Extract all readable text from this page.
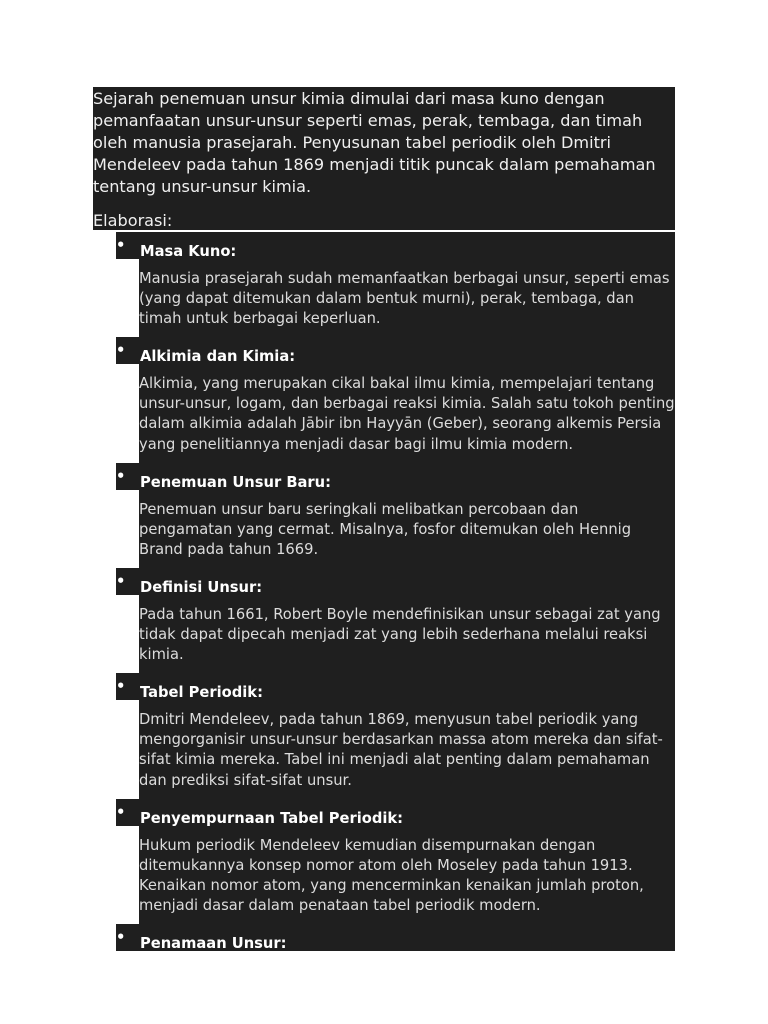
Sejarah penemuan unsur kimia dimulai dari masa kuno dengan pemanfaatan unsur-unsur seperti emas, perak, tembaga, dan timah oleh manusia prasejarah. Penyusunan tabel periodik oleh Dmitri Mendeleev pada tahun 1869 menjadi titik puncak dalam pemahaman tentang unsur-unsur kimia.

Elaborasi:

• Masa Kuno:
Manusia prasejarah sudah memanfaatkan berbagai unsur, seperti emas (yang dapat ditemukan dalam bentuk murni), perak, tembaga, dan timah untuk berbagai keperluan.
• Alkimia dan Kimia:
Alkimia, yang merupakan cikal bakal ilmu kimia, mempelajari tentang unsur-unsur, logam, dan berbagai reaksi kimia. Salah satu tokoh penting dalam alkimia adalah Jābir ibn Hayyān (Geber), seorang alkemis Persia yang penelitiannya menjadi dasar bagi ilmu kimia modern.
• Penemuan Unsur Baru:
Penemuan unsur baru seringkali melibatkan percobaan dan pengamatan yang cermat. Misalnya, fosfor ditemukan oleh Hennig Brand pada tahun 1669.
• Definisi Unsur:
Pada tahun 1661, Robert Boyle mendefinisikan unsur sebagai zat yang tidak dapat dipecah menjadi zat yang lebih sederhana melalui reaksi kimia.
• Tabel Periodik:
Dmitri Mendeleev, pada tahun 1869, menyusun tabel periodik yang mengorganisir unsur-unsur berdasarkan massa atom mereka dan sifat-sifat kimia mereka. Tabel ini menjadi alat penting dalam pemahaman dan prediksi sifat-sifat unsur.
• Penyempurnaan Tabel Periodik:
Hukum periodik Mendeleev kemudian disempurnakan dengan ditemukannya konsep nomor atom oleh Moseley pada tahun 1913. Kenaikan nomor atom, yang mencerminkan kenaikan jumlah proton, menjadi dasar dalam penataan tabel periodik modern.
• Penamaan Unsur:
